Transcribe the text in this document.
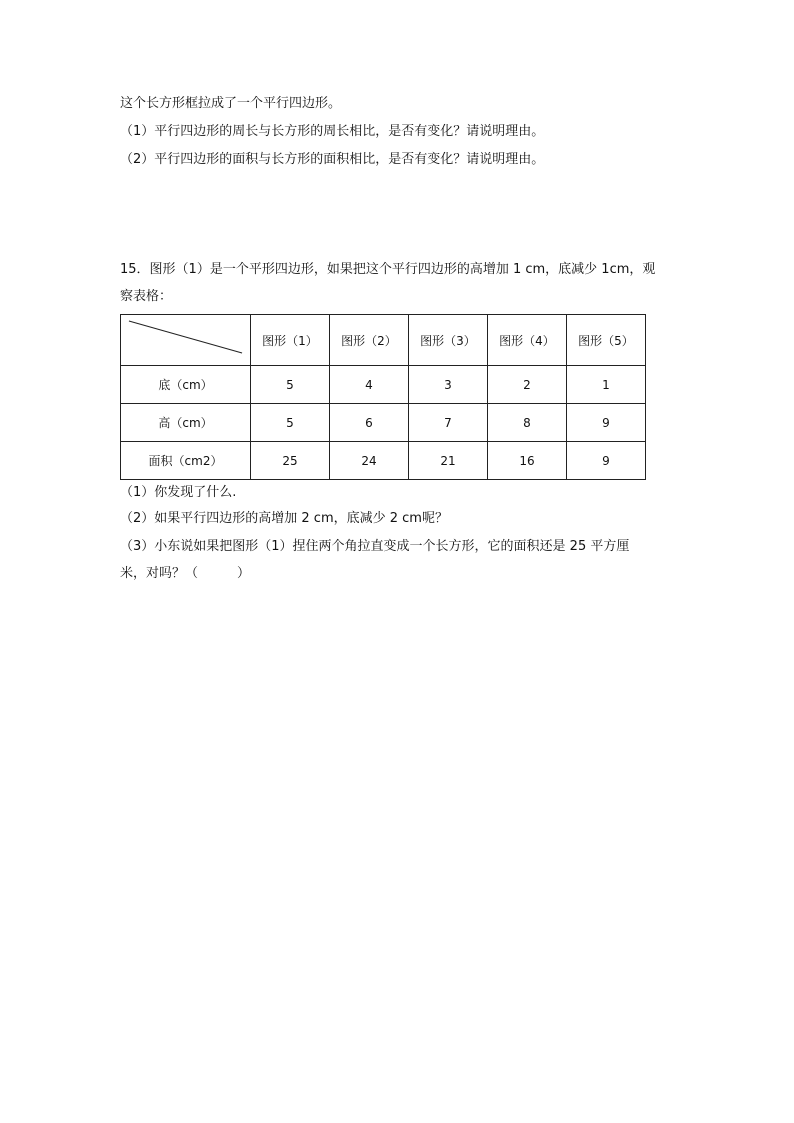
这个长方形框拉成了一个平行四边形。
（1）平行四边形的周长与长方形的周长相比，是否有变化？请说明理由。
（2）平行四边形的面积与长方形的面积相比，是否有变化？请说明理由。
15．图形（1）是一个平形四边形，如果把这个平行四边形的高增加 1 cm，底减少 1cm，观
察表格：
	图形（1）	图形（2）	图形（3）	图形（4）	图形（5）
底（cm）	5	4	3	2	1
高（cm）	5	6	7	8	9
面积（cm2）	25	24	21	16	9
（1）你发现了什么.
（2）如果平行四边形的高增加 2 cm，底减少 2 cm呢？
（3）小东说如果把图形（1）捏住两个角拉直变成一个长方形，它的面积还是 25 平方厘
米，对吗？（　　　）
